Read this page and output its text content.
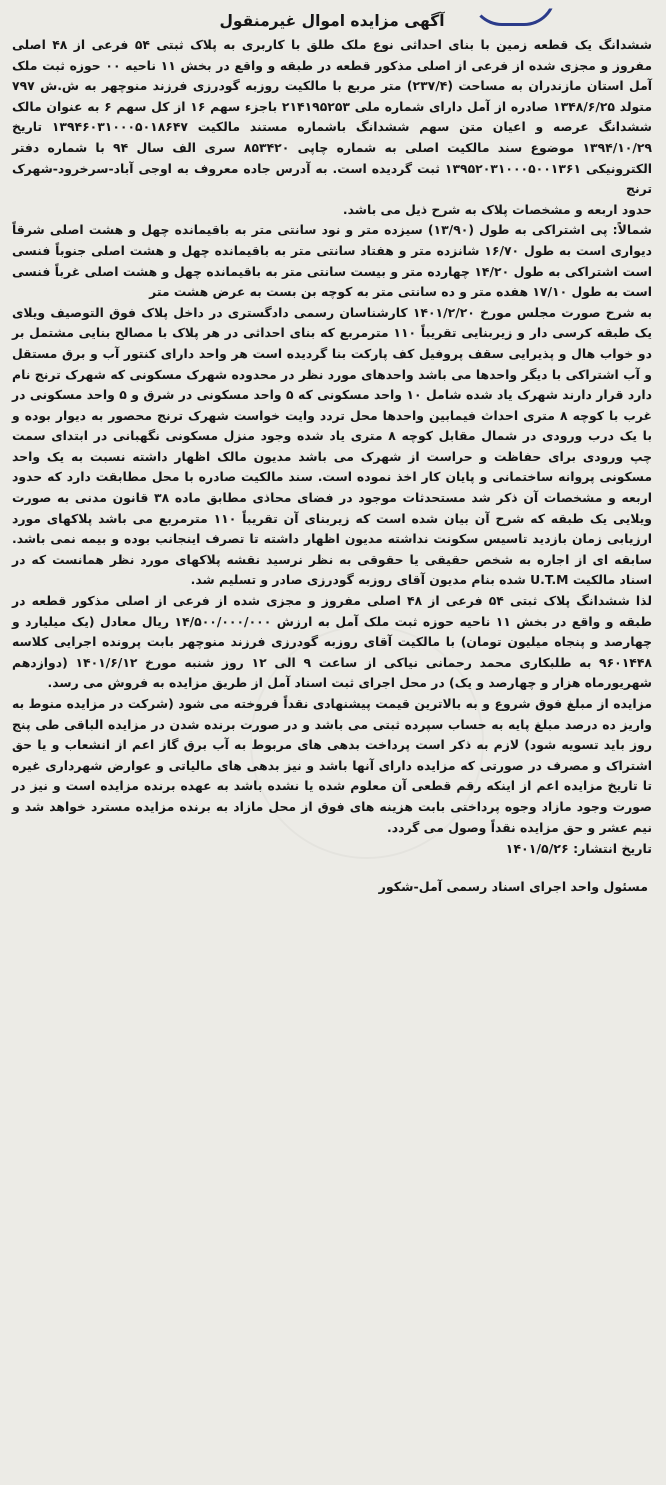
آگهی مزایده اموال غیرمنقول

ششدانگ یک قطعه زمین با بنای احداثی نوع ملک طلق با کاربری به پلاک ثبتی ۵۴ فرعی از ۴۸ اصلی مفروز و مجزی شده از فرعی از اصلی مذکور قطعه در طبقه و واقع در بخش ۱۱ ناحیه ۰۰ حوزه ثبت ملک آمل استان مازندران به مساحت (۲۳۷/۴) متر مربع با مالکیت روزبه گودرزی فرزند منوچهر به ش.ش ۷۹۷ متولد ۱۳۴۸/۶/۲۵ صادره از آمل دارای شماره ملی ۲۱۴۱۹۵۲۵۳ باجزء سهم ۱۶ از کل سهم ۶ به عنوان مالک ششدانگ عرصه و اعیان متن سهم ششدانگ باشماره مستند مالکیت ۱۳۹۴۶۰۳۱۰۰۰۵۰۱۸۶۴۷ تاریخ ۱۳۹۴/۱۰/۲۹ موضوع سند مالکیت اصلی به شماره چاپی ۸۵۳۴۲۰ سری الف سال ۹۴ با شماره دفتر الکترونیکی ۱۳۹۵۲۰۳۱۰۰۰۵۰۰۱۳۶۱ ثبت گردیده است. به آدرس جاده معروف به اوجی آباد-سرخرود-شهرک ترنج

حدود اربعه و مشخصات پلاک به شرح ذیل می باشد.

شمالاً: پی اشتراکی به طول (۱۳/۹۰) سیزده متر و نود سانتی متر به باقیمانده چهل و هشت اصلی شرقاً دیواری است به طول ۱۶/۷۰ شانزده متر و هفتاد سانتی متر به باقیمانده چهل و هشت اصلی جنوباً فنسی است اشتراکی به طول ۱۴/۲۰ چهارده متر و بیست سانتی متر به باقیمانده چهل و هشت اصلی غرباً فنسی است به طول ۱۷/۱۰ هفده متر و ده سانتی متر به کوچه بن بست به عرض هشت متر

به شرح صورت مجلس مورخ ۱۴۰۱/۲/۲۰ کارشناسان رسمی دادگستری در داخل پلاک فوق التوصیف ویلای یک طبقه کرسی دار و زیربنایی تقریباً ۱۱۰ مترمربع که بنای احداثی در هر پلاک با مصالح بنایی مشتمل بر دو خواب هال و پذیرایی سقف پروفیل کف پارکت بنا گردیده است هر واحد دارای کنتور آب و برق مستقل و آب اشتراکی با دیگر واحدها می باشد واحدهای مورد نظر در محدوده شهرک مسکونی که شهرک ترنج نام دارد قرار دارند شهرک یاد شده شامل ۱۰ واحد مسکونی که ۵ واحد مسکونی در شرق و ۵ واحد مسکونی در غرب با کوچه ۸ متری احداث فیمابین واحدها محل تردد وایت خواست شهرک ترنج محصور به دیوار بوده و با یک درب ورودی در شمال مقابل کوچه ۸ متری یاد شده وجود منزل مسکونی نگهبانی در ابتدای سمت چپ ورودی برای حفاظت و حراست از شهرک می باشد مدیون مالک اظهار داشته نسبت به یک واحد مسکونی پروانه ساختمانی و پایان کار اخذ نموده است. سند مالکیت صادره با محل مطابقت دارد که حدود اربعه و مشخصات آن ذکر شد مستحدثات موجود در فضای محاذی مطابق ماده ۳۸ قانون مدنی به صورت ویلایی یک طبقه که شرح آن بیان شده است که زیربنای آن تقریباً ۱۱۰ مترمربع می باشد پلاکهای مورد ارزیابی زمان بازدید تاسیس سکونت نداشته مدیون اظهار داشته تا تصرف اینجانب بوده و بیمه نمی باشد. سابقه ای از اجاره به شخص حقیقی یا حقوقی به نظر نرسید نقشه پلاکهای مورد نظر همانست که در اسناد مالکیت U.T.M شده بنام مدیون آقای روزبه گودرزی صادر و تسلیم شد.

لذا ششدانگ پلاک ثبتی ۵۴ فرعی از ۴۸ اصلی مفروز و مجزی شده از فرعی از اصلی مذکور قطعه در طبقه و واقع در بخش ۱۱ ناحیه حوزه ثبت ملک آمل به ارزش ۱۴/۵۰۰/۰۰۰/۰۰۰ ریال معادل (یک میلیارد و چهارصد و پنجاه میلیون تومان) با مالکیت آقای روزبه گودرزی فرزند منوچهر بابت پرونده اجرایی کلاسه ۹۶۰۱۴۴۸ به طلبکاری محمد رحمانی نیاکی از ساعت ۹ الی ۱۲ روز شنبه مورخ ۱۴۰۱/۶/۱۲ (دوازدهم شهریورماه هزار و چهارصد و یک) در محل اجرای ثبت اسناد آمل از طریق مزایده به فروش می رسد.

مزایده از مبلغ فوق شروع و به بالاترین قیمت پیشنهادی نقداً فروخته می شود (شرکت در مزایده منوط به واریز ده درصد مبلغ پایه به حساب سپرده ثبتی می باشد و در صورت برنده شدن در مزایده الباقی طی پنج روز باید تسویه شود) لازم به ذکر است پرداخت بدهی های مربوط به آب برق گاز اعم از انشعاب و یا حق اشتراک و مصرف در صورتی که مزایده دارای آنها باشد و نیز بدهی های مالیاتی و عوارض شهرداری غیره تا تاریخ مزایده اعم از اینکه رقم قطعی آن معلوم شده یا نشده باشد به عهده برنده مزایده است و نیز در صورت وجود مازاد وجوه پرداختی بابت هزینه های فوق از محل مازاد به برنده مزایده مسترد خواهد شد و نیم عشر و حق مزایده نقداً وصول می گردد.

تاریخ انتشار: ۱۴۰۱/۵/۲۶
مسئول واحد اجرای اسناد رسمی آمل-شکور
